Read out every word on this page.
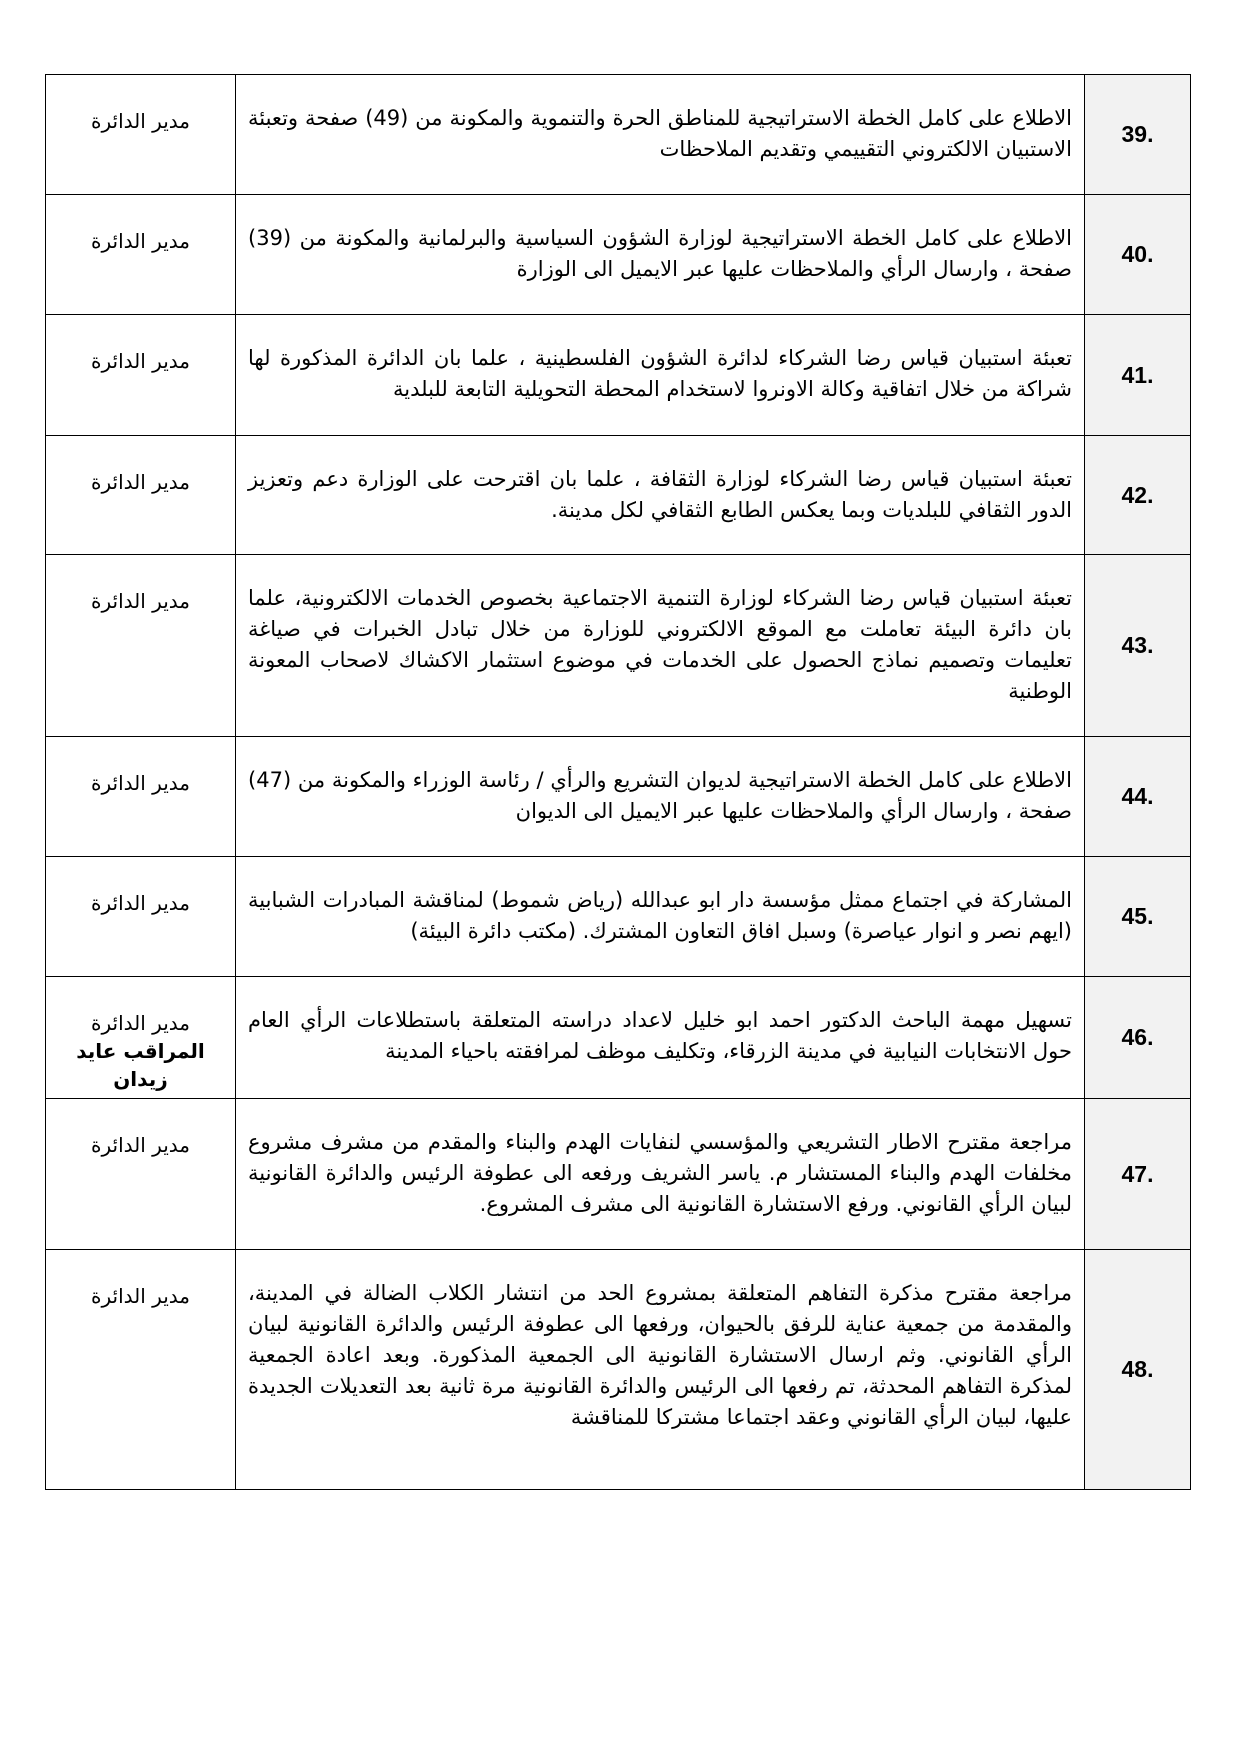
مدير الدائرة	الاطلاع على كامل الخطة الاستراتيجية للمناطق الحرة والتنموية والمكونة من (49) صفحة وتعبئة الاستبيان الالكتروني التقييمي وتقديم الملاحظات	39.

مدير الدائرة	الاطلاع على كامل الخطة الاستراتيجية لوزارة الشؤون السياسية والبرلمانية والمكونة من (39) صفحة ، وارسال الرأي والملاحظات عليها عبر الايميل الى الوزارة	40.

مدير الدائرة	تعبئة استبيان قياس رضا الشركاء لدائرة الشؤون الفلسطينية ، علما بان الدائرة المذكورة لها شراكة من خلال اتفاقية وكالة الاونروا لاستخدام المحطة التحويلية التابعة للبلدية	41.

مدير الدائرة	تعبئة استبيان قياس رضا الشركاء لوزارة الثقافة ، علما بان اقترحت على الوزارة دعم وتعزيز الدور الثقافي للبلديات وبما يعكس الطابع الثقافي لكل مدينة.	42.

مدير الدائرة	تعبئة استبيان قياس رضا الشركاء لوزارة التنمية الاجتماعية بخصوص الخدمات الالكترونية، علما بان دائرة البيئة تعاملت مع الموقع الالكتروني للوزارة من خلال تبادل الخبرات في صياغة تعليمات وتصميم نماذج الحصول على الخدمات في موضوع استثمار الاكشاك لاصحاب المعونة الوطنية	43.

مدير الدائرة	الاطلاع على كامل الخطة الاستراتيجية لديوان التشريع والرأي / رئاسة الوزراء والمكونة من (47) صفحة ، وارسال الرأي والملاحظات عليها عبر الايميل الى الديوان	44.

مدير الدائرة	المشاركة في اجتماع ممثل مؤسسة دار ابو عبدالله (رياض شموط) لمناقشة المبادرات الشبابية (ايهم نصر و انوار عياصرة) وسبل افاق التعاون المشترك. (مكتب دائرة البيئة)	45.

مدير الدائرة
المراقب عايد زيدان	تسهيل مهمة الباحث الدكتور احمد ابو خليل لاعداد دراسته المتعلقة باستطلاعات الرأي العام حول الانتخابات النيابية في مدينة الزرقاء، وتكليف موظف لمرافقته باحياء المدينة	46.

مدير الدائرة	مراجعة مقترح الاطار التشريعي والمؤسسي لنفايات الهدم والبناء والمقدم من مشرف مشروع مخلفات الهدم والبناء المستشار م. ياسر الشريف ورفعه الى عطوفة الرئيس والدائرة القانونية لبيان الرأي القانوني. ورفع الاستشارة القانونية الى مشرف المشروع.	47.

مدير الدائرة	مراجعة مقترح مذكرة التفاهم المتعلقة بمشروع الحد من انتشار الكلاب الضالة في المدينة، والمقدمة من جمعية عناية للرفق بالحيوان، ورفعها الى عطوفة الرئيس والدائرة القانونية لبيان الرأي القانوني. وثم ارسال الاستشارة القانونية الى الجمعية المذكورة. وبعد اعادة الجمعية لمذكرة التفاهم المحدثة، تم رفعها الى الرئيس والدائرة القانونية مرة ثانية بعد التعديلات الجديدة عليها، لبيان الرأي القانوني وعقد اجتماعا مشتركا للمناقشة	48.
